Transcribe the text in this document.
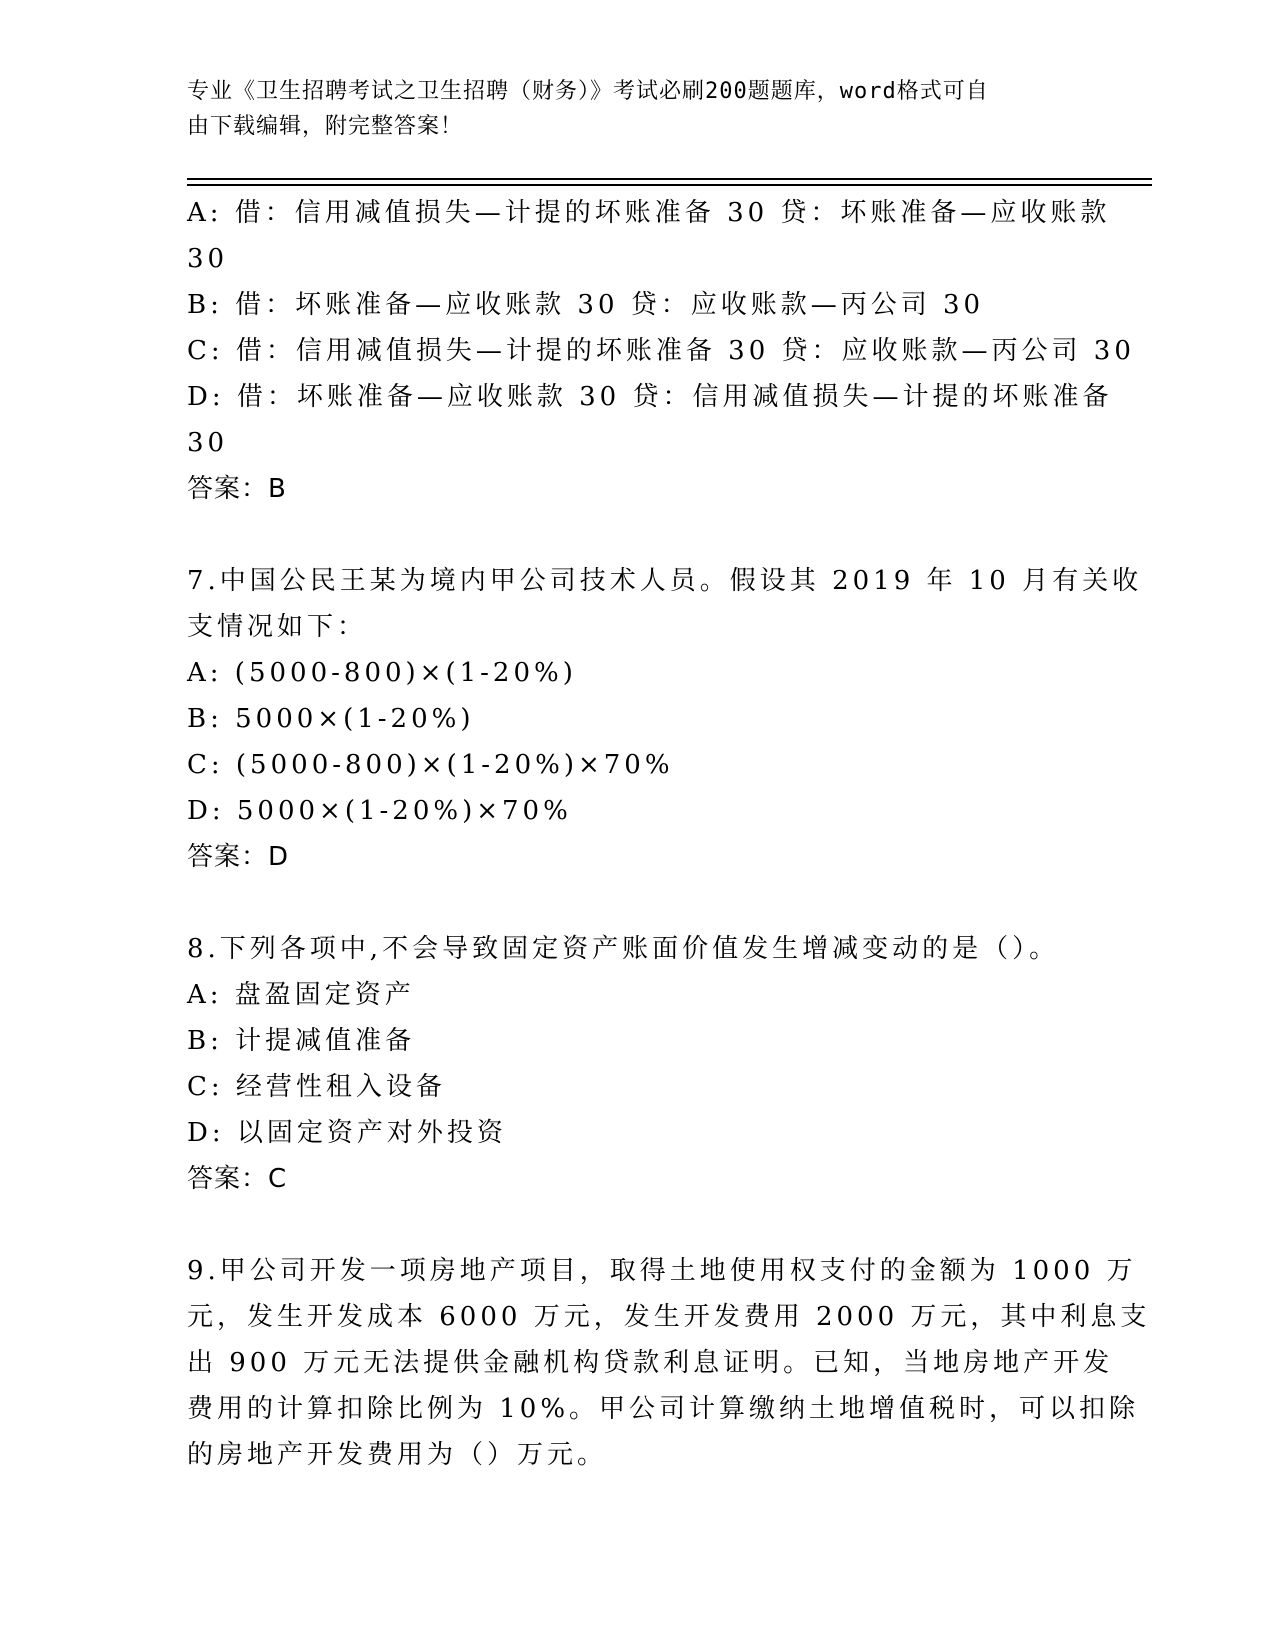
专业《卫生招聘考试之卫生招聘（财务）》考试必刷200题题库，word格式可自
由下载编辑，附完整答案！
A: 借：信用减值损失—计提的坏账准备 30 贷：坏账准备—应收账款
30
B: 借：坏账准备—应收账款 30 贷：应收账款—丙公司 30
C: 借：信用减值损失—计提的坏账准备 30 贷：应收账款—丙公司 30
D: 借：坏账准备—应收账款 30 贷：信用减值损失—计提的坏账准备
30
答案：B
7.中国公民王某为境内甲公司技术人员。假设其 2019 年 10 月有关收
支情况如下：
A: (5000-800)×(1-20%)
B: 5000×(1-20%)
C: (5000-800)×(1-20%)×70%
D: 5000×(1-20%)×70%
答案：D
8.下列各项中,不会导致固定资产账面价值发生增减变动的是（）。
A: 盘盈固定资产
B: 计提减值准备
C: 经营性租入设备
D: 以固定资产对外投资
答案：C
9.甲公司开发一项房地产项目，取得土地使用权支付的金额为 1000 万
元，发生开发成本 6000 万元，发生开发费用 2000 万元，其中利息支
出 900 万元无法提供金融机构贷款利息证明。已知，当地房地产开发
费用的计算扣除比例为 10%。甲公司计算缴纳土地增值税时，可以扣除
的房地产开发费用为（）万元。
